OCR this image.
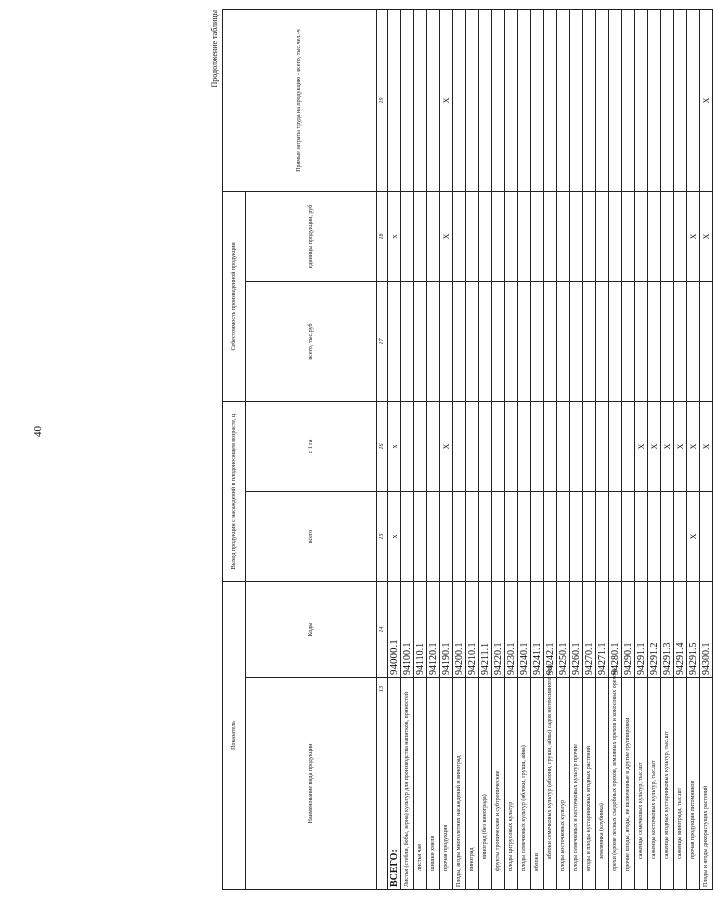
40
Продолжение таблицы
Показатель		Выход продукции с насаждений в плодоносящем возрасте, ц		Себестоимость произведенной продукции		Прямые затраты труда на продукцию - всего, тыс.чел.-ч
Наименование вида продукции	Коды	всего	с 1 га	всего, тыс.руб	единицы продукции, руб	
13	14	15	16	17	18	19
ВСЕГО:	94000.1	x	x		x	
Листья (стебли, бобы, зерна) культур для производства напитков, пряностей	94100.1					
листья чая	94110.1					
шишки хмеля	94120.1					
прочая продукция	94190.1		X		X	X
Плоды, ягоды многолетних насаждений и виноград	94200.1					
виноград	94210.1					
виноград (без винограда)	94211.1					
фрукты тропические и субтропические	94220.1					
плоды цитрусовых культур	94230.1					
плоды семечковых культур (яблоки, груши, айва)	94240.1					
яблоки	94241.1					
яблоки семечковых культур (яблони, груши, айвы) садов интенсивного типа	94242.1					
плоды косточковых культур	94250.1					
плоды семечковых и косточковых культур прочие	94260.1					
ягоды и плоды кустарниковых ягодных растений	94270.1					
земляника (клубника)	94271.1					
орехи (кроме лесных съедобных орехов, земляных орехов и кокосовых орехов)	94280.1					
прочие плоды, ягоды, не включенные в другие группировки	94290.1					
саженцы семечковых культур, тыс.шт	94291.1		X			
саженцы косточковых культур, тыс.шт	94291.2		X			
саженцы ягодных кустарниковых культур, тыс.шт	94291.3		X			
саженцы винограда, тыс.шт	94291.4		X			
прочая продукция питомников	94291.5	X	X		X	
Плоды и ягоды дикорастущих растений	94300.1		X		X	X
